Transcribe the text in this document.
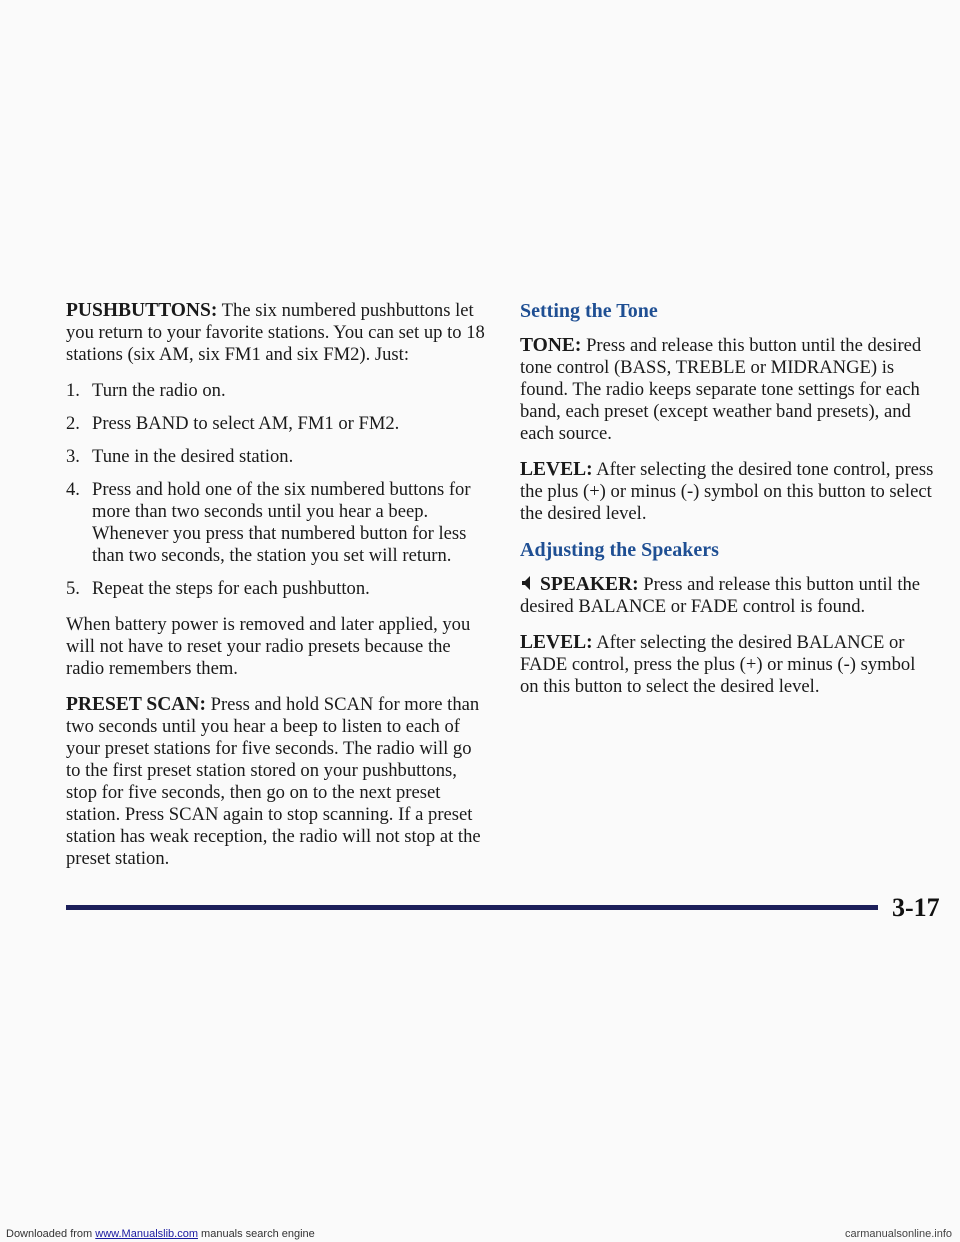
PUSHBUTTONS: The six numbered pushbuttons let you return to your favorite stations. You can set up to 18 stations (six AM, six FM1 and six FM2). Just:

1. Turn the radio on.
2. Press BAND to select AM, FM1 or FM2.
3. Tune in the desired station.
4. Press and hold one of the six numbered buttons for more than two seconds until you hear a beep. Whenever you press that numbered button for less than two seconds, the station you set will return.
5. Repeat the steps for each pushbutton.

When battery power is removed and later applied, you will not have to reset your radio presets because the radio remembers them.

PRESET SCAN: Press and hold SCAN for more than two seconds until you hear a beep to listen to each of your preset stations for five seconds. The radio will go to the first preset station stored on your pushbuttons, stop for five seconds, then go on to the next preset station. Press SCAN again to stop scanning. If a preset station has weak reception, the radio will not stop at the preset station.

Setting the Tone

TONE: Press and release this button until the desired tone control (BASS, TREBLE or MIDRANGE) is found. The radio keeps separate tone settings for each band, each preset (except weather band presets), and each source.

LEVEL: After selecting the desired tone control, press the plus (+) or minus (-) symbol on this button to select the desired level.

Adjusting the Speakers

SPEAKER: Press and release this button until the desired BALANCE or FADE control is found.

LEVEL: After selecting the desired BALANCE or FADE control, press the plus (+) or minus (-) symbol on this button to select the desired level.

3-17
Downloaded from www.Manualslib.com manuals search engine	carmanualsonline.info
